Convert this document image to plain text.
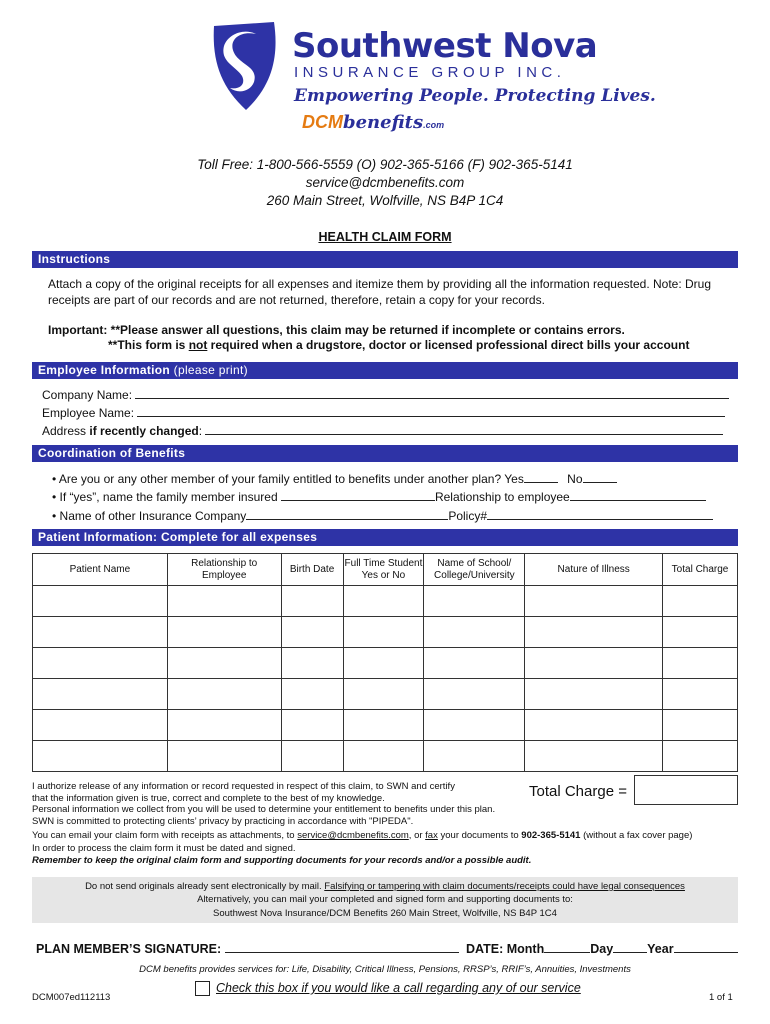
Southwest Nova
INSURANCE GROUP INC.
Empowering People. Protecting Lives.
DCMbenefits.com
Toll Free: 1-800-566-5559 (O) 902-365-5166 (F) 902-365-5141
service@dcmbenefits.com
260 Main Street, Wolfville, NS B4P 1C4
HEALTH CLAIM FORM
Instructions
Attach a copy of the original receipts for all expenses and itemize them by providing all the information requested. Note: Drug receipts are part of our records and are not returned, therefore, retain a copy for your records.
Important: **Please answer all questions, this claim may be returned if incomplete or contains errors.
**This form is not required when a drugstore, doctor or licensed professional direct bills your account
Employee Information (please print)
Company Name:
Employee Name:
Address if recently changed:
Coordination of Benefits
• Are you or any other member of your family entitled to benefits under another plan? Yes	No
• If “yes”, name the family member insured	Relationship to employee
• Name of other Insurance Company	Policy#
Patient Information: Complete for all expenses
Patient Name	Relationship to Employee	Birth Date	Full Time Student Yes or No	Name of School/ College/University	Nature of Illness	Total Charge

I authorize release of any information or record requested in respect of this claim, to SWN and certify
that the information given is true, correct and complete to the best of my knowledge.
Personal information we collect from you will be used to determine your entitlement to benefits under this plan.
SWN is committed to protecting clients’ privacy by practicing in accordance with "PIPEDA".
Total Charge =
You can email your claim form with receipts as attachments, to service@dcmbenefits.com, or fax your documents to 902-365-5141 (without a fax cover page)
In order to process the claim form it must be dated and signed.
Remember to keep the original claim form and supporting documents for your records and/or a possible audit.
Do not send originals already sent electronically by mail. Falsifying or tampering with claim documents/receipts could have legal consequences
Alternatively, you can mail your completed and signed form and supporting documents to:
Southwest Nova Insurance/DCM Benefits 260 Main Street, Wolfville, NS B4P 1C4
PLAN MEMBER’S SIGNATURE:	DATE: Month	Day	Year
DCM benefits provides services for: Life, Disability, Critical Illness, Pensions, RRSP’s, RRIF’s, Annuities, Investments
DCM007ed112113
Check this box if you would like a call regarding any of our service
1 of 1
